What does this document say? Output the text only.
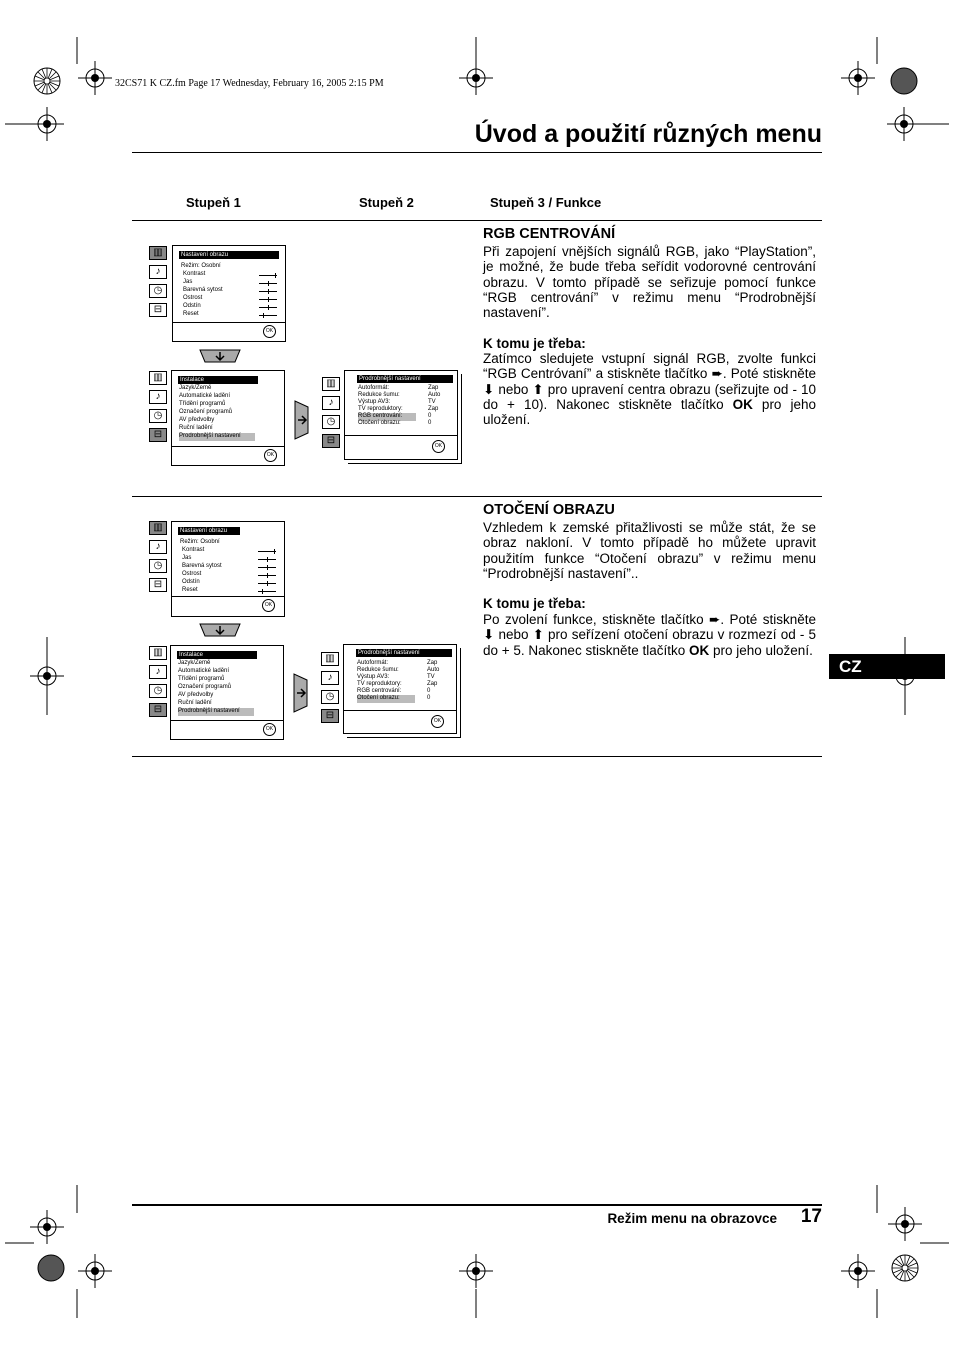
32CS71 K CZ.fm Page 17 Wednesday, February 16, 2005 2:15 PM
Úvod a použití různých menu
Stupeň 1	Stupeň 2	Stupeň 3 / Funkce
▥
♪
◷
⊟
Nastavení obrazu
Režim: Osobní
Kontrast
Jas
Barevná sytost
Ostrost
Odstín
Reset
OK
▥
♪
◷
⊟
Instalace
Jazyk/Země
Automatické ladění
Třídění programů
Označení programů
AV předvolby
Ruční ladění
Prodrobnější nastavení
OK
▥
♪
◷
⊟
Prodrobnější nastavení
Autoformát:
Redukce šumu:
Výstup AV3:
TV reproduktory:
RGB centrování:
Otočení obrazu:
Zap
Auto
TV
Zap
0
0
OK
RGB CENTROVÁNÍ
Při zapojení vnějších signálů RGB, jako “PlayStation”, je možné, že bude třeba seřídit vodorovné centrování obrazu. V tomto případě se seřizuje pomocí funkce “RGB centrování” v režimu menu “Prodrobnější nastavení”.
K tomu je třeba:
Zatímco sledujete vstupní signál RGB, zvolte funkci “RGB Centróvaní” a stiskněte tlačítko ➨. Poté stiskněte ⬇ nebo ⬆ pro upravení centra obrazu (seřizujte od - 10 do + 10). Nakonec stiskněte tlačítko OK pro jeho uložení.
▥
♪
◷
⊟
Nastavení obrazu
Režim: Osobní
Kontrast
Jas
Barevná sytost
Ostrost
Odstín
Reset
OK
▥
♪
◷
⊟
Instalace
Jazyk/Země
Automatické ladění
Třídění programů
Označení programů
AV předvolby
Ruční ladění
Prodrobnější nastavení
OK
▥
♪
◷
⊟
Prodrobnější nastavení
Autoformát:
Redukce šumu:
Výstup AV3:
TV reproduktory:
RGB centrování:
Otočení obrazu:
Zap
Auto
TV
Zap
0
0
OK
OTOČENÍ OBRAZU
Vzhledem k zemské přitažlivosti se může stát, že se obraz nakloní. V tomto případě ho můžete upravit použitím funkce “Otočení obrazu” v režimu menu “Prodrobnější nastavení”..
K tomu je třeba:
Po zvolení funkce, stiskněte tlačítko ➨. Poté stiskněte ⬇ nebo ⬆ pro seřízení otočení obrazu v rozmezí od - 5 do + 5. Nakonec stiskněte tlačítko OK pro jeho uložení.
CZ
Režim menu na obrazovce 17
